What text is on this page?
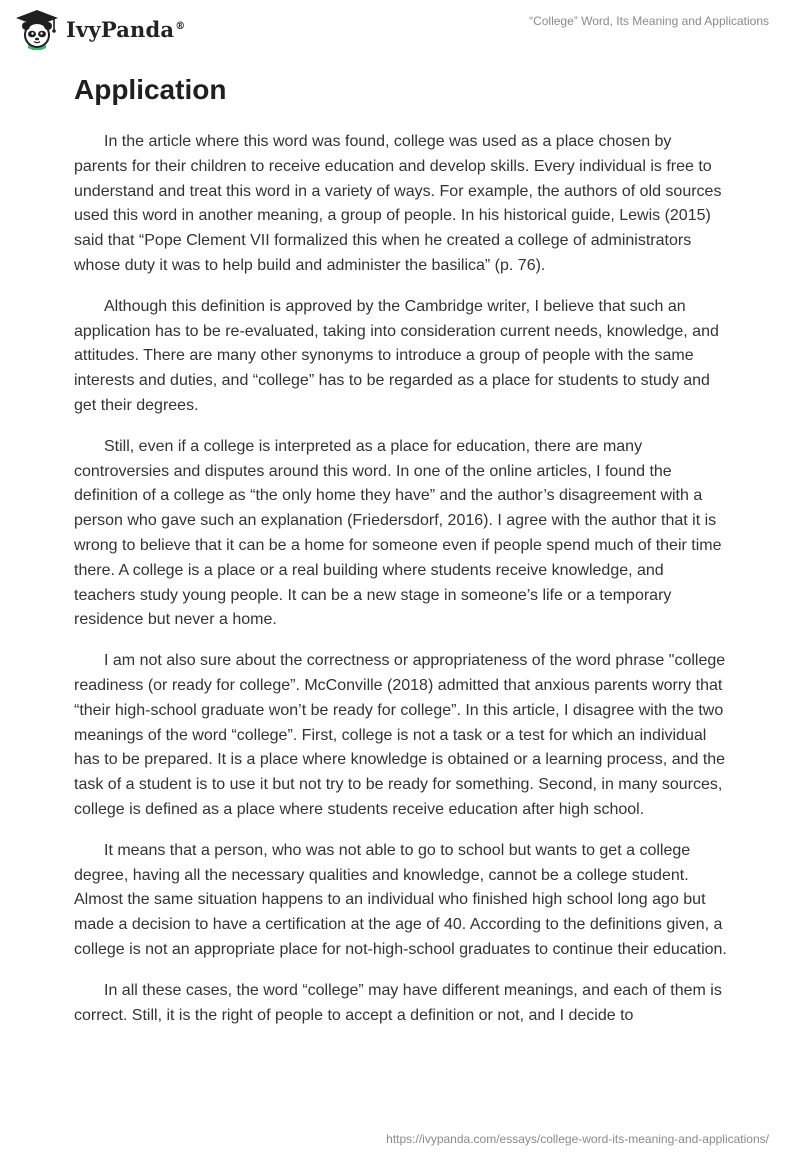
IvyPanda®	“College” Word, Its Meaning and Applications
Application

In the article where this word was found, college was used as a place chosen by parents for their children to receive education and develop skills. Every individual is free to understand and treat this word in a variety of ways. For example, the authors of old sources used this word in another meaning, a group of people. In his historical guide, Lewis (2015) said that “Pope Clement VII formalized this when he created a college of administrators whose duty it was to help build and administer the basilica” (p. 76).

Although this definition is approved by the Cambridge writer, I believe that such an application has to be re-evaluated, taking into consideration current needs, knowledge, and attitudes. There are many other synonyms to introduce a group of people with the same interests and duties, and “college” has to be regarded as a place for students to study and get their degrees.

Still, even if a college is interpreted as a place for education, there are many controversies and disputes around this word. In one of the online articles, I found the definition of a college as “the only home they have” and the author’s disagreement with a person who gave such an explanation (Friedersdorf, 2016). I agree with the author that it is wrong to believe that it can be a home for someone even if people spend much of their time there. A college is a place or a real building where students receive knowledge, and teachers study young people. It can be a new stage in someone’s life or a temporary residence but never a home.

I am not also sure about the correctness or appropriateness of the word phrase "college readiness (or ready for college”. McConville (2018) admitted that anxious parents worry that “their high-school graduate won’t be ready for college”. In this article, I disagree with the two meanings of the word “college”. First, college is not a task or a test for which an individual has to be prepared. It is a place where knowledge is obtained or a learning process, and the task of a student is to use it but not try to be ready for something. Second, in many sources, college is defined as a place where students receive education after high school.

It means that a person, who was not able to go to school but wants to get a college degree, having all the necessary qualities and knowledge, cannot be a college student. Almost the same situation happens to an individual who finished high school long ago but made a decision to have a certification at the age of 40. According to the definitions given, a college is not an appropriate place for not-high-school graduates to continue their education.

In all these cases, the word “college” may have different meanings, and each of them is correct. Still, it is the right of people to accept a definition or not, and I decide to

https://ivypanda.com/essays/college-word-its-meaning-and-applications/
